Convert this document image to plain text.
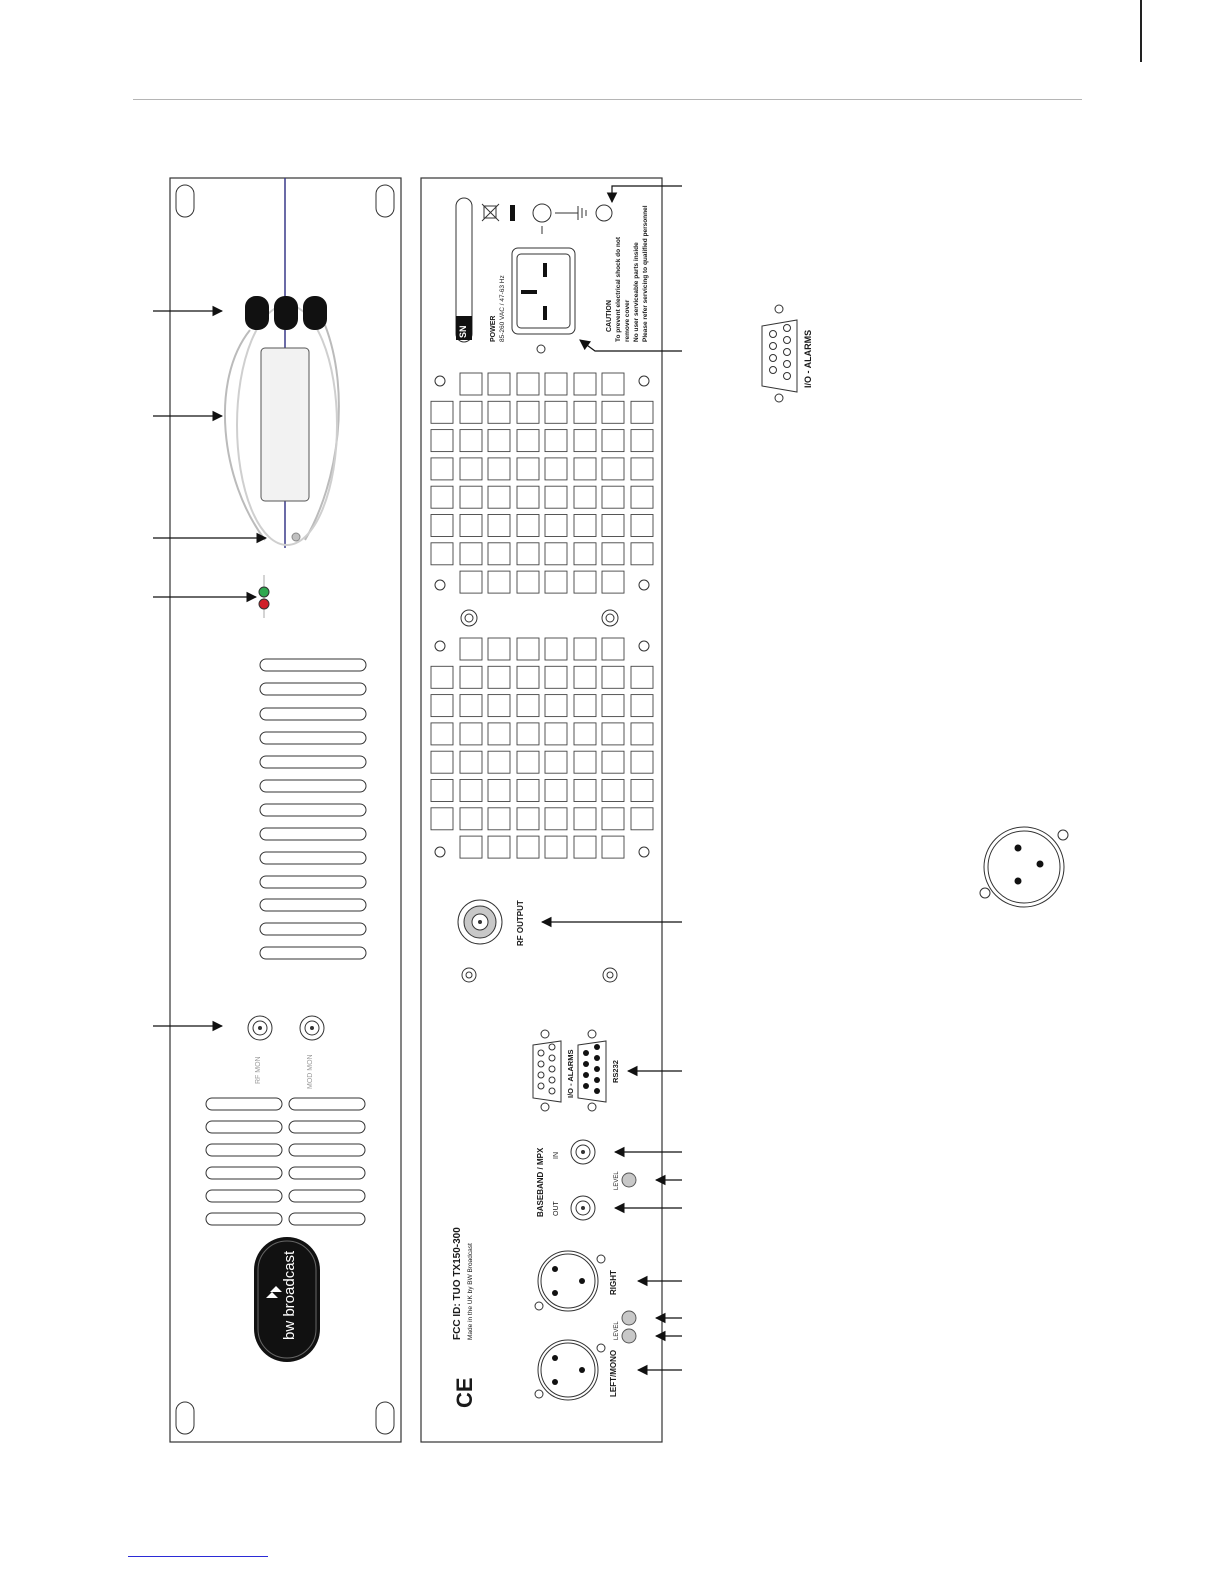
RF MON	MOD MON
bw broadcast
SN	POWER 85-260 VAC / 47-63 Hz	CAUTION To prevent electrical shock do not remove cover No user serviceable parts inside Please refer servicing to qualified personnel
RF OUTPUT
I/O - ALARMS	RS232
BASEBAND / MPX IN
OUT
LEVEL
RIGHT
LEVEL
LEFT/MONO
FCC ID: TUO TX150-300 Made in the UK by BW Broadcast
CE
I/O - ALARMS
